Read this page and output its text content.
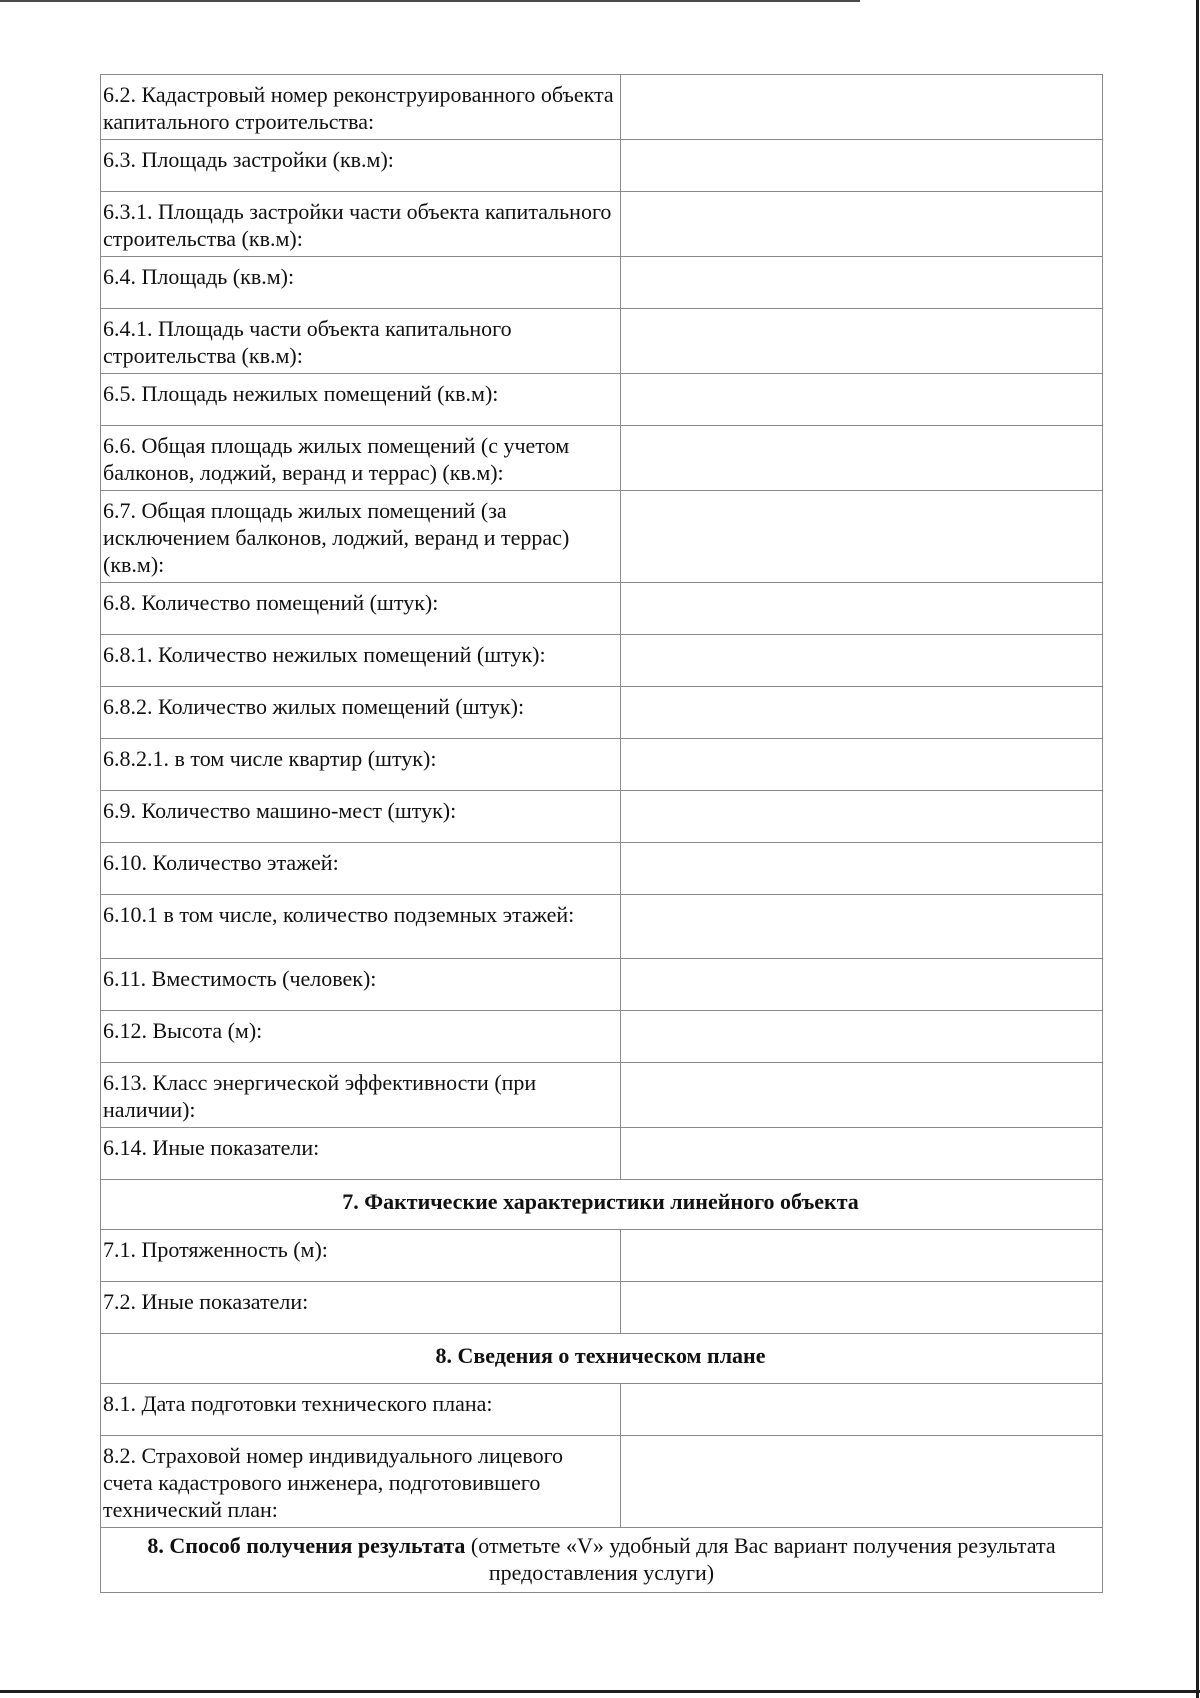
6.2. Кадастровый номер реконструированного объекта капитального строительства:	
6.3. Площадь застройки (кв.м):	
6.3.1. Площадь застройки части объекта капитального строительства (кв.м):	
6.4. Площадь (кв.м):	
6.4.1. Площадь части объекта капитального строительства (кв.м):	
6.5. Площадь нежилых помещений (кв.м):	
6.6. Общая площадь жилых помещений (с учетом балконов, лоджий, веранд и террас) (кв.м):	
6.7. Общая площадь жилых помещений (за исключением балконов, лоджий, веранд и террас) (кв.м):	
6.8. Количество помещений (штук):	
6.8.1. Количество нежилых помещений (штук):	
6.8.2. Количество жилых помещений (штук):	
6.8.2.1. в том числе квартир (штук):	
6.9. Количество машино-мест (штук):	
6.10. Количество этажей:	
6.10.1 в том числе, количество подземных этажей:	
6.11. Вместимость (человек):	
6.12. Высота (м):	
6.13. Класс энергической эффективности (при наличии):	
6.14. Иные показатели:	
7. Фактические характеристики линейного объекта	
7.1. Протяженность (м):	
7.2. Иные показатели:	
8. Сведения о техническом плане	
8.1. Дата подготовки технического плана:	
8.2. Страховой номер индивидуального лицевого счета кадастрового инженера, подготовившего технический план:	
8. Способ получения результата (отметьте «V» удобный для Вас вариант получения результата предоставления услуги)	
